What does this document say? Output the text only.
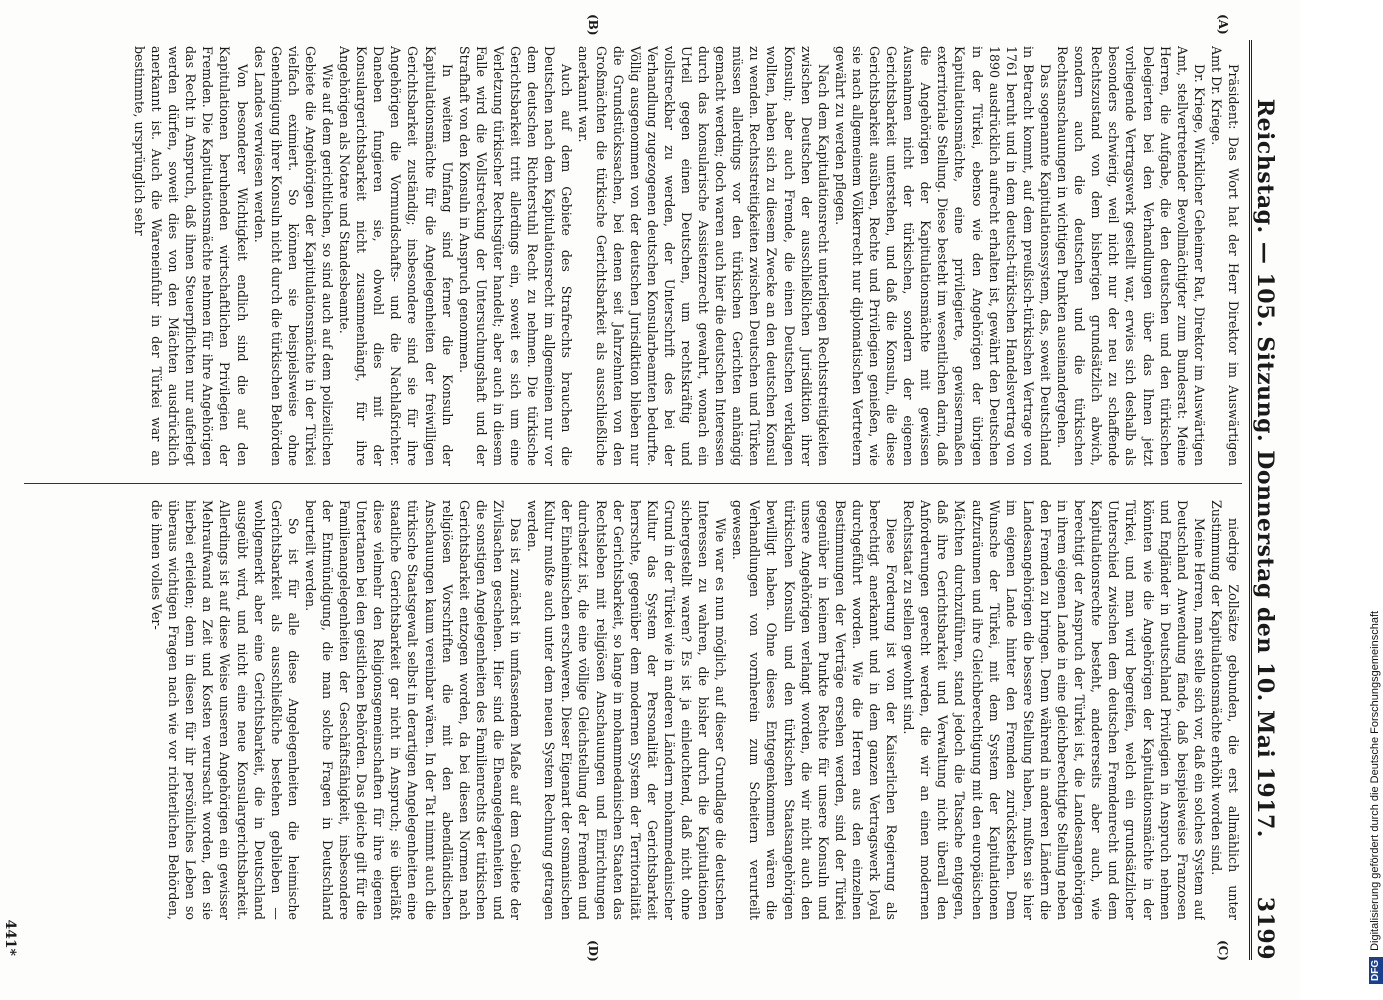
Reichstag. — 105. Sitzung. Donnerstag den 10. Mai 1917.
3199
(A)
(B)
(C)
(D)

Präsident: Das Wort hat der Herr Direktor im Auswärtigen Amt Dr. Kriege.

Dr. Kriege, Wirklicher Geheimer Rat, Direktor im Auswärtigen Amt, stellvertretender Bevollmächtigter zum Bundesrat: Meine Herren, die Aufgabe, die den deutschen und den türkischen Delegierten bei den Verhandlungen über das Ihnen jetzt vorliegende Vertragswerk gestellt war, erwies sich deshalb als besonders schwierig, weil nicht nur der neu zu schaffende Rechtszustand von dem bisherigen grundsätzlich abwich, sondern auch die deutschen und die türkischen Rechtsanschauungen in wichtigen Punkten auseinandergehen.

Das sogenannte Kapitulationssystem, das, soweit Deutschland in Betracht kommt, auf dem preußisch-türkischen Vertrage von 1761 beruht und in dem deutsch-türkischen Handelsvertrag von 1890 ausdrücklich aufrecht erhalten ist, gewährt den Deutschen in der Türkei, ebenso wie den Angehörigen der übrigen Kapitulationsmächte, eine privilegierte, gewissermaßen exterritoriale Stellung. Diese besteht im wesentlichen darin, daß die Angehörigen der Kapitulationsmächte mit gewissen Ausnahmen nicht der türkischen, sondern der eigenen Gerichtsbarkeit unterstehen, und daß die Konsuln, die diese Gerichtsbarkeit ausüben, Rechte und Privilegien genießen, wie sie nach allgemeinem Völkerrecht nur diplomatischen Vertretern gewährt zu werden pflegen.

Nach dem Kapitulationsrecht unterliegen Rechtsstreitigkeiten zwischen Deutschen der ausschließlichen Jurisdiktion ihrer Konsuln; aber auch Fremde, die einen Deutschen verklagen wollten, haben sich zu diesem Zwecke an den deutschen Konsul zu wenden. Rechtsstreitigkeiten zwischen Deutschen und Türken müssen allerdings vor den türkischen Gerichten anhängig gemacht werden; doch waren auch hier die deutschen Interessen durch das konsularische Assistenzrecht gewahrt, wonach ein Urteil gegen einen Deutschen, um rechtskräftig und vollstreckbar zu werden, der Unterschrift des bei der Verhandlung zugezogenen deutschen Konsularbeamten bedurfte. Völlig ausgenommen von der deutschen Jurisdiktion blieben nur die Grundstückssachen, bei denen seit Jahrzehnten von den Großmächten die türkische Gerichtsbarkeit als ausschließliche anerkannt war.

Auch auf dem Gebiete des Strafrechts brauchen die Deutschen nach dem Kapitulationsrecht im allgemeinen nur vor dem deutschen Richterstuhl Recht zu nehmen. Die türkische Gerichtsbarkeit tritt allerdings ein, soweit es sich um eine Verletzung türkischer Rechtsgüter handelt; aber auch in diesem Falle wird die Vollstreckung der Untersuchungshaft und der Strafhaft von den Konsuln in Anspruch genommen.

In weitem Umfang sind ferner die Konsuln der Kapitulationsmächte für die Angelegenheiten der freiwilligen Gerichtsbarkeit zuständig; insbesondere sind sie für ihre Angehörigen die Vormundschafts- und die Nachlaßrichter. Daneben fungieren sie, obwohl dies mit der Konsulargerichtsbarkeit nicht zusammenhängt, für ihre Angehörigen als Notare und Standesbeamte.

Wie auf dem gerichtlichen, so sind auch auf dem polizeilichen Gebiete die Angehörigen der Kapitulationsmächte in der Türkei vielfach eximiert. So können sie beispielsweise ohne Genehmigung ihrer Konsuln nicht durch die türkischen Behörden des Landes verwiesen werden.

Von besonderer Wichtigkeit endlich sind die auf den Kapitulationen beruhenden wirtschaftlichen Privilegien der Fremden. Die Kapitulationsmächte nehmen für ihre Angehörigen das Recht in Anspruch, daß ihnen Steuerpflichten nur auferlegt werden dürfen, soweit dies von den Mächten ausdrücklich anerkannt ist. Auch die Wareneinfuhr in der Türkei war an bestimmte, ursprünglich sehr

niedrige Zollsätze gebunden, die erst allmählich unter Zustimmung der Kapitulationsmächte erhöht worden sind.

Meine Herren, man stelle sich vor, daß ein solches System auf Deutschland Anwendung fände, daß beispielsweise Franzosen und Engländer in Deutschland Privilegien in Anspruch nehmen könnten wie die Angehörigen der Kapitulationsmächte in der Türkei, und man wird begreifen, welch ein grundsätzlicher Unterschied zwischen dem deutschen Fremdenrecht und dem Kapitulationsrechte besteht, andererseits aber auch, wie berechtigt der Anspruch der Türkei ist, die Landesangehörigen in ihrem eigenen Lande in eine gleichberechtigte Stellung neben den Fremden zu bringen. Denn während in anderen Ländern die Landesangehörigen die bessere Stellung haben, mußten sie hier im eigenen Lande hinter den Fremden zurückstehen. Dem Wunsche der Türkei, mit dem System der Kapitulationen aufzuräumen und ihre Gleichberechtigung mit den europäischen Mächten durchzuführen, stand jedoch die Tatsache entgegen, daß ihre Gerichtsbarkeit und Verwaltung nicht überall den Anforderungen gerecht werden, die wir an einen modernen Rechtsstaat zu stellen gewohnt sind.

Diese Forderung ist von der Kaiserlichen Regierung als berechtigt anerkannt und in dem ganzen Vertragswerk loyal durchgeführt worden. Wie die Herren aus den einzelnen Bestimmungen der Verträge ersehen werden, sind der Türkei gegenüber in keinem Punkte Rechte für unsere Konsuln und unsere Angehörigen verlangt worden, die wir nicht auch den türkischen Konsuln und den türkischen Staatsangehörigen bewilligt haben. Ohne dieses Entgegenkommen wären die Verhandlungen von vornherein zum Scheitern verurteilt gewesen.

Wie war es nun möglich, auf dieser Grundlage die deutschen Interessen zu wahren, die bisher durch die Kapitulationen sichergestellt waren? Es ist ja einleuchtend, daß nicht ohne Grund in der Türkei wie in anderen Ländern mohammedanischer Kultur das System der Personalität der Gerichtsbarkeit herrschte, gegenüber dem modernen System der Territorialität der Gerichtsbarkeit, so lange in mohammedanischen Staaten das Rechtsleben mit religiösen Anschauungen und Einrichtungen durchsetzt ist, die eine völlige Gleichstellung der Fremden und der Einheimischen erschweren. Dieser Eigenart der osmanischen Kultur mußte auch unter dem neuen System Rechnung getragen werden.

Das ist zunächst in umfassendem Maße auf dem Gebiete der Zivilsachen geschehen. Hier sind die Eheangelegenheiten und die sonstigen Angelegenheiten des Familienrechts der türkischen Gerichtsbarkeit entzogen worden, da bei diesen Normen nach religiösen Vorschriften die mit den abendländischen Anschauungen kaum vereinbar wären. In der Tat nimmt auch die türkische Staatsgewalt selbst in derartigen Angelegenheiten eine staatliche Gerichtsbarkeit gar nicht in Anspruch; sie überläßt diese vielmehr den Religionsgemeinschaften für ihre eigenen Untertanen bei den geistlichen Behörden. Das gleiche gilt für die Familienangelegenheiten der Geschäftsfähigkeit, insbesondere der Entmündigung, die man solche Fragen in Deutschland beurteilt werden.

So ist für alle diese Angelegenheiten die heimische Gerichtsbarkeit als ausschließliche bestehen geblieben — wohlgemerkt aber eine Gerichtsbarkeit, die in Deutschland ausgeübt wird, und nicht eine neue Konsulargerichtsbarkeit. Allerdings ist auf diese Weise unseren Angehörigen ein gewisser Mehraufwand an Zeit und Kosten verursacht worden, den sie hierbei erleiden; denn in diesen für ihr persönliches Leben so überaus wichtigen Fragen nach wie vor richterlichen Behörden, die ihnen volles Ver-

441*
DFGDigitalisierung gefördert durch die Deutsche Forschungsgemeinschaft
